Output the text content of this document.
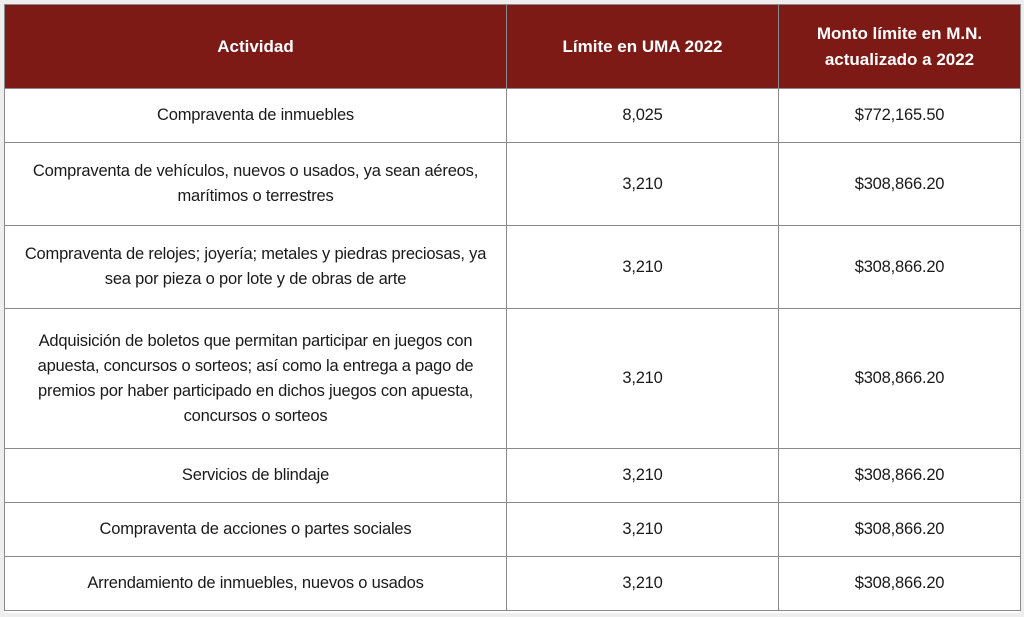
Actividad	Límite en UMA 2022	Monto límite en M.N. actualizado a 2022
Compraventa de inmuebles	8,025	$772,165.50
Compraventa de vehículos, nuevos o usados, ya sean aéreos, marítimos o terrestres	3,210	$308,866.20
Compraventa de relojes; joyería; metales y piedras preciosas, ya sea por pieza o por lote y de obras de arte	3,210	$308,866.20
Adquisición de boletos que permitan participar en juegos con apuesta, concursos o sorteos; así como la entrega a pago de premios por haber participado en dichos juegos con apuesta, concursos o sorteos	3,210	$308,866.20
Servicios de blindaje	3,210	$308,866.20
Compraventa de acciones o partes sociales	3,210	$308,866.20
Arrendamiento de inmuebles, nuevos o usados	3,210	$308,866.20
